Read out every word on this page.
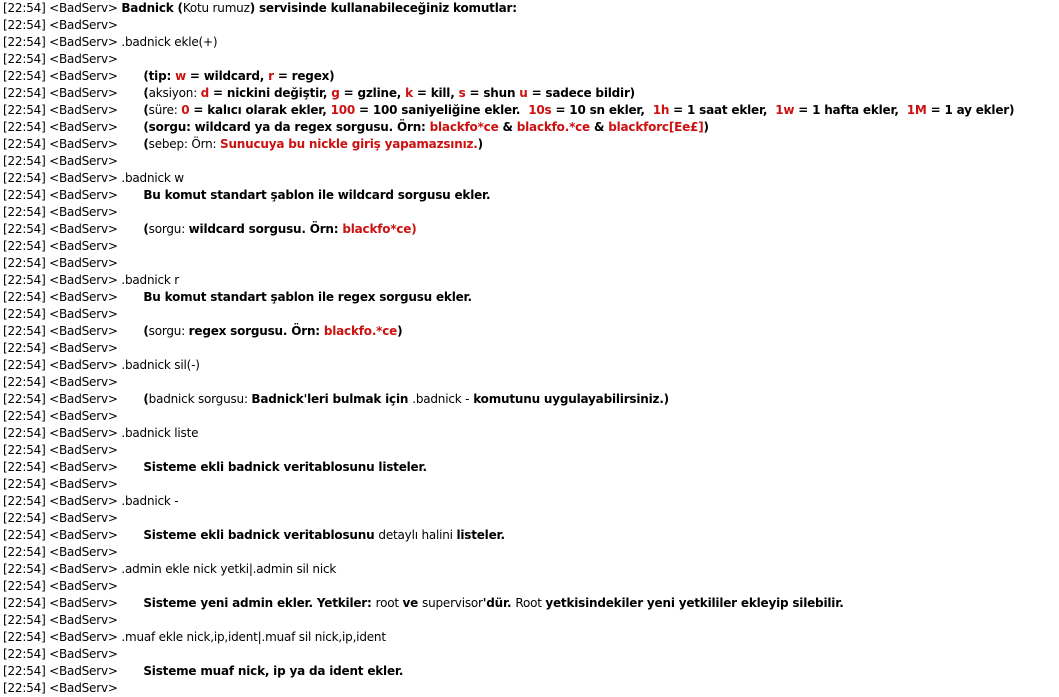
[22:54] <BadServ> Badnick (Kotu rumuz) servisinde kullanabileceğiniz komutlar:
[22:54] <BadServ>
[22:54] <BadServ> .badnick ekle(+)
[22:54] <BadServ>
[22:54] <BadServ> (tip: w = wildcard, r = regex)
[22:54] <BadServ> (aksiyon: d = nickini değiştir, g = gzline, k = kill, s = shun u = sadece bildir)
[22:54] <BadServ> (süre: 0 = kalıcı olarak ekler, 100 = 100 saniyeliğine ekler.  10s = 10 sn ekler,  1h = 1 saat ekler,  1w = 1 hafta ekler,  1M = 1 ay ekler)
[22:54] <BadServ> (sorgu: wildcard ya da regex sorgusu. Örn: blackfo*ce & blackfo.*ce & blackforc[Ee£])
[22:54] <BadServ> (sebep: Örn: Sunucuya bu nickle giriş yapamazsınız.)
[22:54] <BadServ>
[22:54] <BadServ> .badnick w
[22:54] <BadServ> Bu komut standart şablon ile wildcard sorgusu ekler.
[22:54] <BadServ>
[22:54] <BadServ> (sorgu: wildcard sorgusu. Örn: blackfo*ce)
[22:54] <BadServ>
[22:54] <BadServ>
[22:54] <BadServ> .badnick r
[22:54] <BadServ> Bu komut standart şablon ile regex sorgusu ekler.
[22:54] <BadServ>
[22:54] <BadServ> (sorgu: regex sorgusu. Örn: blackfo.*ce)
[22:54] <BadServ>
[22:54] <BadServ> .badnick sil(-)
[22:54] <BadServ>
[22:54] <BadServ> (badnick sorgusu: Badnick'leri bulmak için .badnick - komutunu uygulayabilirsiniz.)
[22:54] <BadServ>
[22:54] <BadServ> .badnick liste
[22:54] <BadServ>
[22:54] <BadServ> Sisteme ekli badnick veritablosunu listeler.
[22:54] <BadServ>
[22:54] <BadServ> .badnick -
[22:54] <BadServ>
[22:54] <BadServ> Sisteme ekli badnick veritablosunu detaylı halini listeler.
[22:54] <BadServ>
[22:54] <BadServ> .admin ekle nick yetki|.admin sil nick
[22:54] <BadServ>
[22:54] <BadServ> Sisteme yeni admin ekler. Yetkiler: root ve supervisor'dür. Root yetkisindekiler yeni yetkililer ekleyip silebilir.
[22:54] <BadServ>
[22:54] <BadServ> .muaf ekle nick,ip,ident|.muaf sil nick,ip,ident
[22:54] <BadServ>
[22:54] <BadServ> Sisteme muaf nick, ip ya da ident ekler.
[22:54] <BadServ>
